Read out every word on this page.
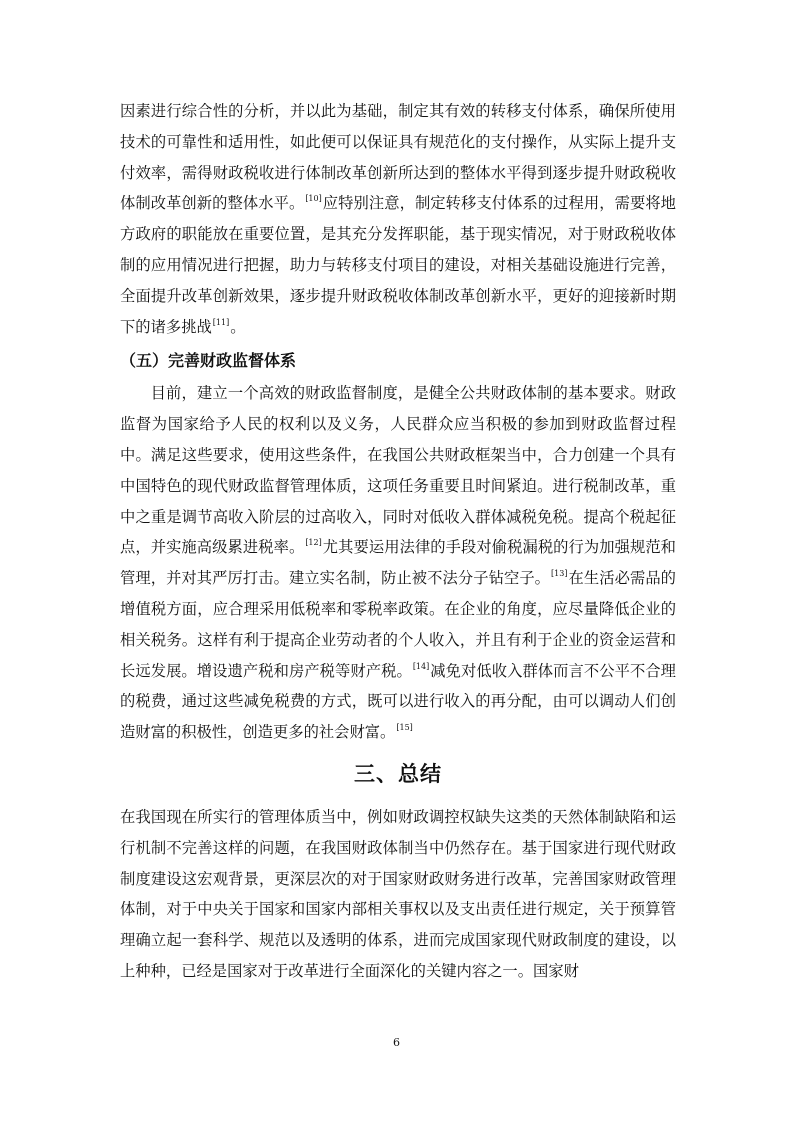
因素进行综合性的分析，并以此为基础，制定其有效的转移支付体系，确保所使用技术的可靠性和适用性，如此便可以保证具有规范化的支付操作，从实际上提升支付效率，需得财政税收进行体制改革创新所达到的整体水平得到逐步提升财政税收体制改革创新的整体水平。[10]应特别注意，制定转移支付体系的过程用，需要将地方政府的职能放在重要位置，是其充分发挥职能，基于现实情况，对于财政税收体制的应用情况进行把握，助力与转移支付项目的建设，对相关基础设施进行完善，全面提升改革创新效果，逐步提升财政税收体制改革创新水平，更好的迎接新时期下的诸多挑战[11]。

（五）完善财政监督体系

目前，建立一个高效的财政监督制度，是健全公共财政体制的基本要求。财政监督为国家给予人民的权利以及义务，人民群众应当积极的参加到财政监督过程中。满足这些要求，使用这些条件，在我国公共财政框架当中，合力创建一个具有中国特色的现代财政监督管理体质，这项任务重要且时间紧迫。进行税制改革，重中之重是调节高收入阶层的过高收入，同时对低收入群体减税免税。提高个税起征点，并实施高级累进税率。[12]尤其要运用法律的手段对偷税漏税的行为加强规范和管理，并对其严厉打击。建立实名制，防止被不法分子钻空子。[13]在生活必需品的增值税方面，应合理采用低税率和零税率政策。在企业的角度，应尽量降低企业的相关税务。这样有利于提高企业劳动者的个人收入，并且有利于企业的资金运营和长远发展。增设遗产税和房产税等财产税。[14]减免对低收入群体而言不公平不合理的税费，通过这些减免税费的方式，既可以进行收入的再分配，由可以调动人们创造财富的积极性，创造更多的社会财富。[15]

三、总结

在我国现在所实行的管理体质当中，例如财政调控权缺失这类的天然体制缺陷和运行机制不完善这样的问题，在我国财政体制当中仍然存在。基于国家进行现代财政制度建设这宏观背景，更深层次的对于国家财政财务进行改革，完善国家财政管理体制，对于中央关于国家和国家内部相关事权以及支出责任进行规定，关于预算管理确立起一套科学、规范以及透明的体系，进而完成国家现代财政制度的建设，以上种种，已经是国家对于改革进行全面深化的关键内容之一。国家财

6
